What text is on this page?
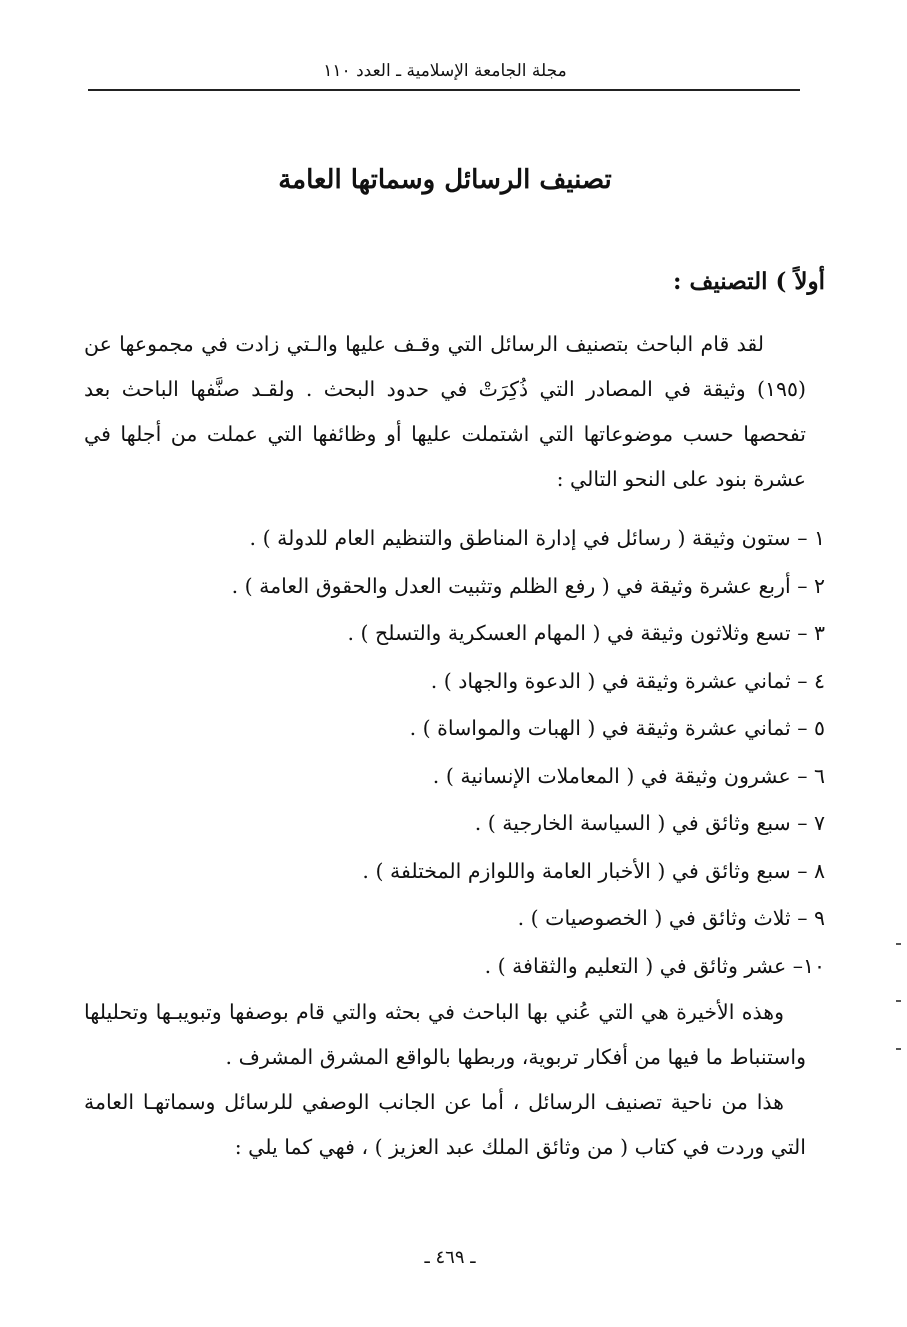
مجلة الجامعة الإسلامية ـ العدد ١١٠
تصنيف الرسائل وسماتها العامة
أولاً ) التصنيف :

لقد قام الباحث بتصنيف الرسائل التي وقـف عليها والـتي زادت في مجموعها عن (١٩٥) وثيقة في المصادر التي ذُكِرَتْ في حدود البحث . ولقـد صنَّفها الباحث بعد تفحصها حسب موضوعاتها التي اشتملت عليها أو وظائفها التي عملت من أجلها في عشرة بنود على النحو التالي :

١ – ستون وثيقة ( رسائل في إدارة المناطق والتنظيم العام للدولة ) .
٢ – أربع عشرة وثيقة في ( رفع الظلم وتثبيت العدل والحقوق العامة ) .
٣ – تسع وثلاثون وثيقة في ( المهام العسكرية والتسلح ) .
٤ – ثماني عشرة وثيقة في ( الدعوة والجهاد ) .
٥ – ثماني عشرة وثيقة في ( الهبات والمواساة ) .
٦ – عشرون وثيقة في ( المعاملات الإنسانية ) .
٧ – سبع وثائق في ( السياسة الخارجية ) .
٨ – سبع وثائق في ( الأخبار العامة واللوازم المختلفة ) .
٩ – ثلاث وثائق في ( الخصوصيات ) .
١٠– عشر وثائق في ( التعليم والثقافة ) .

وهذه الأخيرة هي التي عُني بها الباحث في بحثه والتي قام بوصفها وتبويبـها وتحليلها واستنباط ما فيها من أفكار تربوية، وربطها بالواقع المشرق المشرف .

هذا من ناحية تصنيف الرسائل ، أما عن الجانب الوصفي للرسائل وسماتهـا العامة التي وردت في كتاب ( من وثائق الملك عبد العزيز ) ، فهي كما يلي :

ـ ٤٦٩ ـ
